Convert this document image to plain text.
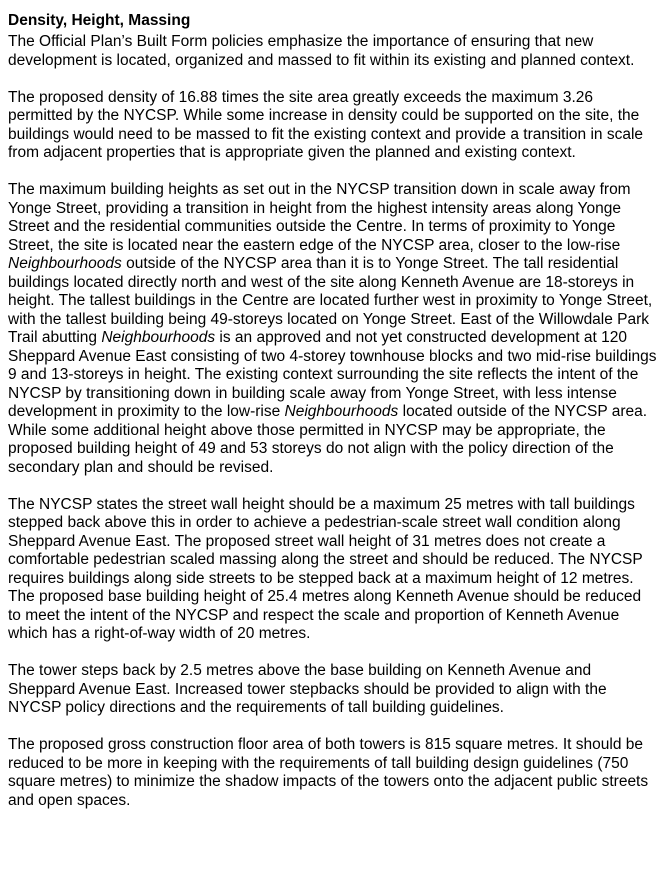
Density, Height, Massing

The Official Plan’s Built Form policies emphasize the importance of ensuring that new development is located, organized and massed to fit within its existing and planned context.

The proposed density of 16.88 times the site area greatly exceeds the maximum 3.26 permitted by the NYCSP. While some increase in density could be supported on the site, the buildings would need to be massed to fit the existing context and provide a transition in scale from adjacent properties that is appropriate given the planned and existing context.

The maximum building heights as set out in the NYCSP transition down in scale away from Yonge Street, providing a transition in height from the highest intensity areas along Yonge Street and the residential communities outside the Centre. In terms of proximity to Yonge Street, the site is located near the eastern edge of the NYCSP area, closer to the low-rise Neighbourhoods outside of the NYCSP area than it is to Yonge Street. The tall residential buildings located directly north and west of the site along Kenneth Avenue are 18-storeys in height. The tallest buildings in the Centre are located further west in proximity to Yonge Street, with the tallest building being 49-storeys located on Yonge Street. East of the Willowdale Park Trail abutting Neighbourhoods is an approved and not yet constructed development at 120 Sheppard Avenue East consisting of two 4-storey townhouse blocks and two mid-rise buildings 9 and 13-storeys in height. The existing context surrounding the site reflects the intent of the NYCSP by transitioning down in building scale away from Yonge Street, with less intense development in proximity to the low-rise Neighbourhoods located outside of the NYCSP area. While some additional height above those permitted in NYCSP may be appropriate, the proposed building height of 49 and 53 storeys do not align with the policy direction of the secondary plan and should be revised.

The NYCSP states the street wall height should be a maximum 25 metres with tall buildings stepped back above this in order to achieve a pedestrian-scale street wall condition along Sheppard Avenue East. The proposed street wall height of 31 metres does not create a comfortable pedestrian scaled massing along the street and should be reduced. The NYCSP requires buildings along side streets to be stepped back at a maximum height of 12 metres. The proposed base building height of 25.4 metres along Kenneth Avenue should be reduced to meet the intent of the NYCSP and respect the scale and proportion of Kenneth Avenue which has a right-of-way width of 20 metres.

The tower steps back by 2.5 metres above the base building on Kenneth Avenue and Sheppard Avenue East. Increased tower stepbacks should be provided to align with the NYCSP policy directions and the requirements of tall building guidelines.

The proposed gross construction floor area of both towers is 815 square metres. It should be reduced to be more in keeping with the requirements of tall building design guidelines (750 square metres) to minimize the shadow impacts of the towers onto the adjacent public streets and open spaces.
